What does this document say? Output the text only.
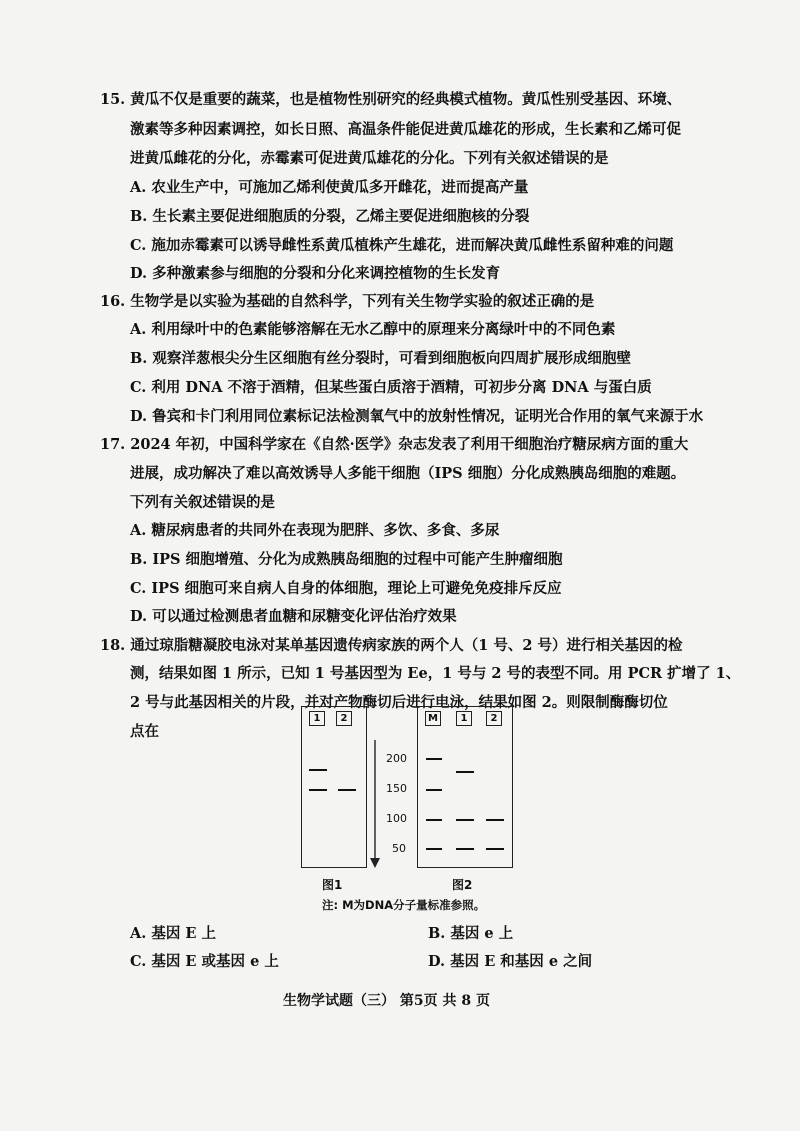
15. 黄瓜不仅是重要的蔬菜，也是植物性别研究的经典模式植物。黄瓜性别受基因、环境、
激素等多种因素调控，如长日照、高温条件能促进黄瓜雄花的形成，生长素和乙烯可促
进黄瓜雌花的分化，赤霉素可促进黄瓜雄花的分化。下列有关叙述错误的是
A. 农业生产中，可施加乙烯利使黄瓜多开雌花，进而提高产量
B. 生长素主要促进细胞质的分裂，乙烯主要促进细胞核的分裂
C. 施加赤霉素可以诱导雌性系黄瓜植株产生雄花，进而解决黄瓜雌性系留种难的问题
D. 多种激素参与细胞的分裂和分化来调控植物的生长发育
16. 生物学是以实验为基础的自然科学，下列有关生物学实验的叙述正确的是
A. 利用绿叶中的色素能够溶解在无水乙醇中的原理来分离绿叶中的不同色素
B. 观察洋葱根尖分生区细胞有丝分裂时，可看到细胞板向四周扩展形成细胞壁
C. 利用 DNA 不溶于酒精，但某些蛋白质溶于酒精，可初步分离 DNA 与蛋白质
D. 鲁宾和卡门利用同位素标记法检测氧气中的放射性情况，证明光合作用的氧气来源于水
17. 2024 年初，中国科学家在《自然·医学》杂志发表了利用干细胞治疗糖尿病方面的重大
进展，成功解决了难以高效诱导人多能干细胞（IPS 细胞）分化成熟胰岛细胞的难题。
下列有关叙述错误的是
A. 糖尿病患者的共同外在表现为肥胖、多饮、多食、多尿
B. IPS 细胞增殖、分化为成熟胰岛细胞的过程中可能产生肿瘤细胞
C. IPS 细胞可来自病人自身的体细胞，理论上可避免免疫排斥反应
D. 可以通过检测患者血糖和尿糖变化评估治疗效果
18. 通过琼脂糖凝胶电泳对某单基因遗传病家族的两个人（1 号、2 号）进行相关基因的检
测，结果如图 1 所示，已知 1 号基因型为 Ee，1 号与 2 号的表型不同。用 PCR 扩增了 1、
2 号与此基因相关的片段，并对产物酶切后进行电泳，结果如图 2。则限制酶酶切位
点在
1	2
200
150
100
50
M	1	2
图1	图2
注: M为DNA分子量标准参照。
A. 基因 E 上	B. 基因 e 上
C. 基因 E 或基因 e 上	D. 基因 E 和基因 e 之间
生物学试题（三） 第5页 共 8 页
